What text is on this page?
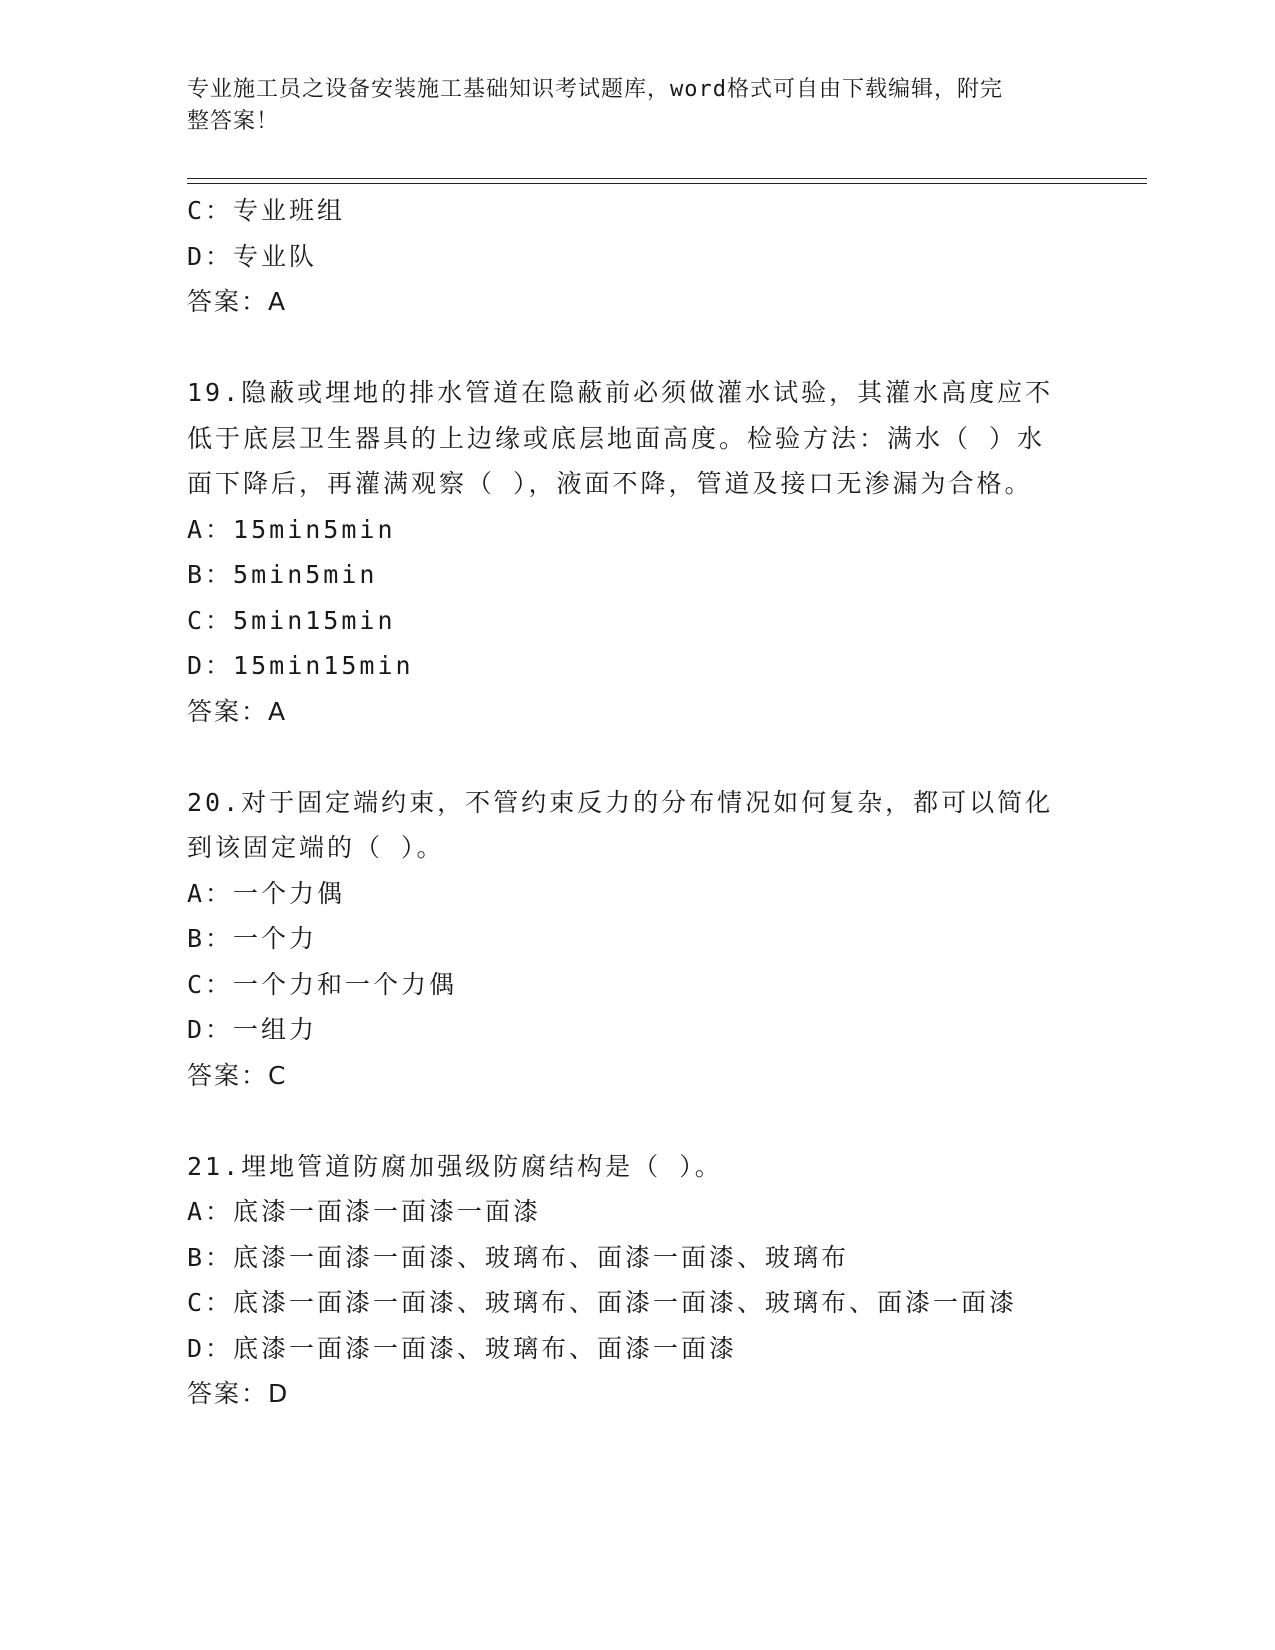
专业施工员之设备安装施工基础知识考试题库，word格式可自由下载编辑，附完
整答案！
C：专业班组
D：专业队
答案：A
19.隐蔽或埋地的排水管道在隐蔽前必须做灌水试验，其灌水高度应不
低于底层卫生器具的上边缘或底层地面高度。检验方法：满水（ ）水
面下降后，再灌满观察（ ），液面不降，管道及接口无渗漏为合格。
A：15min5min
B：5min5min
C：5min15min
D：15min15min
答案：A
20.对于固定端约束，不管约束反力的分布情况如何复杂，都可以简化
到该固定端的（ ）。
A：一个力偶
B：一个力
C：一个力和一个力偶
D：一组力
答案：C
21.埋地管道防腐加强级防腐结构是（ ）。
A：底漆一面漆一面漆一面漆
B：底漆一面漆一面漆、玻璃布、面漆一面漆、玻璃布
C：底漆一面漆一面漆、玻璃布、面漆一面漆、玻璃布、面漆一面漆
D：底漆一面漆一面漆、玻璃布、面漆一面漆
答案：D
